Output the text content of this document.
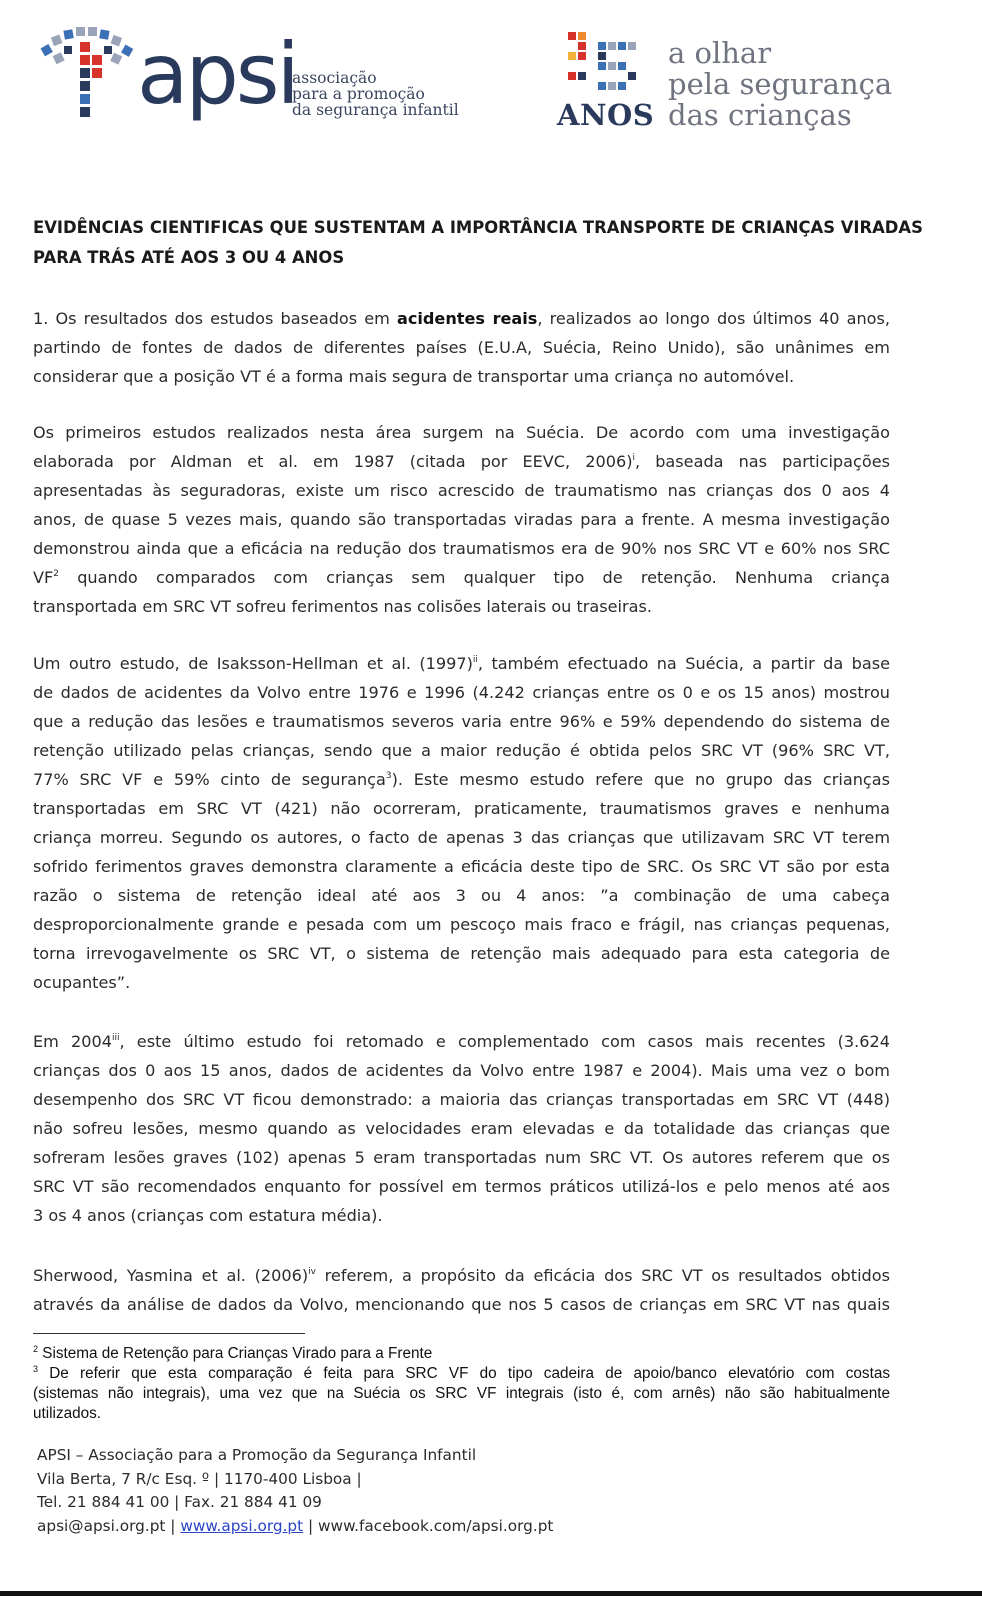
apsi
associação
para a promoção
da segurança infantil	ANOS
a olhar
pela segurança
das crianças
EVIDÊNCIAS CIENTIFICAS QUE SUSTENTAM A IMPORTÂNCIA TRANSPORTE DE CRIANÇAS VIRADAS
PARA TRÁS ATÉ AOS 3 OU 4 ANOS
1. Os resultados dos estudos baseados em acidentes reais, realizados ao longo dos últimos 40 anos,
partindo de fontes de dados de diferentes países (E.U.A, Suécia, Reino Unido), são unânimes em
considerar que a posição VT é a forma mais segura de transportar uma criança no automóvel.
Os primeiros estudos realizados nesta área surgem na Suécia. De acordo com uma investigação
elaborada por Aldman et al. em 1987 (citada por EEVC, 2006)$^i$, baseada nas participações
apresentadas às seguradoras, existe um risco acrescido de traumatismo nas crianças dos 0 aos 4
anos, de quase 5 vezes mais, quando são transportadas viradas para a frente. A mesma investigação
demonstrou ainda que a eficácia na redução dos traumatismos era de 90% nos SRC VT e 60% nos SRC
$VF^2$ quando comparados com crianças sem qualquer tipo de retenção. Nenhuma criança
transportada em SRC VT sofreu ferimentos nas colisões laterais ou traseiras.
Um outro estudo, de Isaksson-Hellman et al. $(1997)^{ii}$, também efectuado na Suécia, a partir da base
de dados de acidentes da Volvo entre 1976 e 1996 (4.242 crianças entre os 0 e os 15 anos) mostrou
que a redução das lesões e traumatismos severos varia entre 96% e 59% dependendo do sistema de
retenção utilizado pelas crianças, sendo que a maior redução é obtida pelos SRC VT (96% SRC VT,
77% SRC VF e 59% cinto de segurança$^3$). Este mesmo estudo refere que no grupo das crianças
transportadas em SRC VT (421) não ocorreram, praticamente, traumatismos graves e nenhuma
criança morreu. Segundo os autores, o facto de apenas 3 das crianças que utilizavam SRC VT terem
sofrido ferimentos graves demonstra claramente a eficácia deste tipo de SRC. Os SRC VT são por esta
razão o sistema de retenção ideal até aos 3 ou 4 anos: ”a combinação de uma cabeça
desproporcionalmente grande e pesada com um pescoço mais fraco e frágil, nas crianças pequenas,
torna irrevogavelmente os SRC VT, o sistema de retenção mais adequado para esta categoria de
ocupantes”.
Em 2004$^{iii}$, este último estudo foi retomado e complementado com casos mais recentes (3.624
crianças dos 0 aos 15 anos, dados de acidentes da Volvo entre 1987 e 2004). Mais uma vez o bom
desempenho dos SRC VT ficou demonstrado: a maioria das crianças transportadas em SRC VT (448)
não sofreu lesões, mesmo quando as velocidades eram elevadas e da totalidade das crianças que
sofreram lesões graves (102) apenas 5 eram transportadas num SRC VT. Os autores referem que os
SRC VT são recomendados enquanto for possível em termos práticos utilizá-los e pelo menos até aos
3 os 4 anos (crianças com estatura média).
Sherwood, Yasmina et al. $(2006)^{iv}$ referem, a propósito da eficácia dos SRC VT os resultados obtidos
através da análise de dados da Volvo, mencionando que nos 5 casos de crianças em SRC VT nas quais
$^2$ Sistema de Retenção para Crianças Virado para a Frente
$^3$ De referir que esta comparação é feita para SRC VF do tipo cadeira de apoio/banco elevatório com costas
(sistemas não integrais), uma vez que na Suécia os SRC VF integrais (isto é, com arnês) não são habitualmente
utilizados.
APSI – Associação para a Promoção da Segurança Infantil
Vila Berta, 7 R/c Esq. º | 1170-400 Lisboa |
Tel. 21 884 41 00 | Fax. 21 884 41 09
apsi@apsi.org.pt | www.apsi.org.pt | www.facebook.com/apsi.org.pt
